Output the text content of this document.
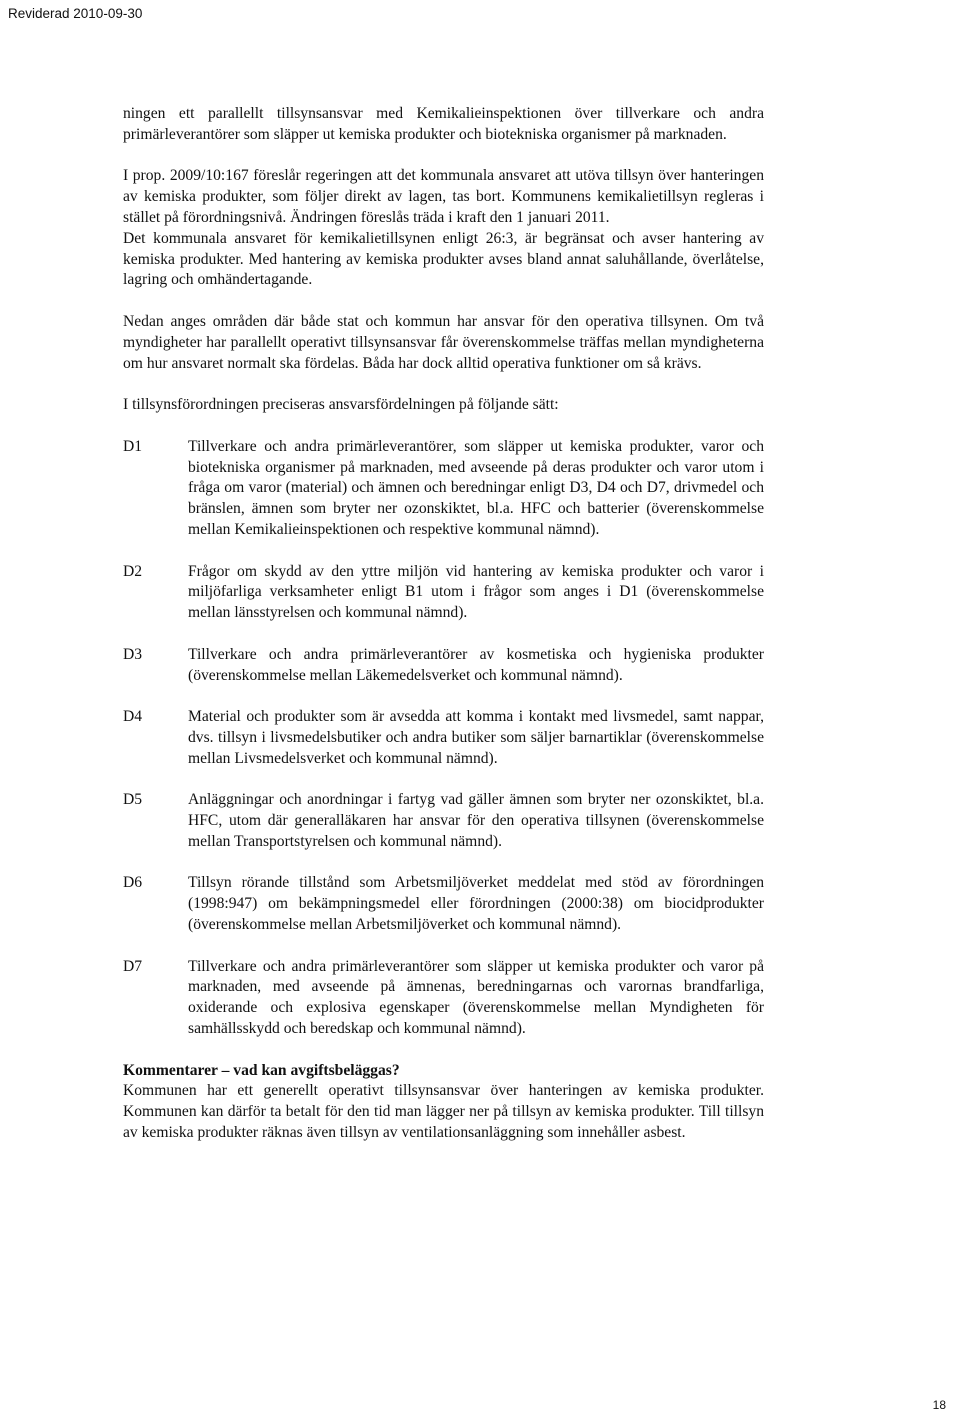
Reviderad 2010-09-30

ningen ett parallellt tillsynsansvar med Kemikalieinspektionen över tillverkare och andra primärleverantörer som släpper ut kemiska produkter och biotekniska organismer på marknaden.

I prop. 2009/10:167 föreslår regeringen att det kommunala ansvaret att utöva tillsyn över hanteringen av kemiska produkter, som följer direkt av lagen, tas bort. Kommunens kemikalietillsyn regleras i stället på förordningsnivå. Ändringen föreslås träda i kraft den 1 januari 2011.

Det kommunala ansvaret för kemikalietillsynen enligt 26:3, är begränsat och avser hantering av kemiska produkter. Med hantering av kemiska produkter avses bland annat saluhållande, överlåtelse, lagring och omhändertagande.

Nedan anges områden där både stat och kommun har ansvar för den operativa tillsynen. Om två myndigheter har parallellt operativt tillsynsansvar får överenskommelse träffas mellan myndigheterna om hur ansvaret normalt ska fördelas. Båda har dock alltid operativa funktioner om så krävs.

I tillsynsförordningen preciseras ansvarsfördelningen på följande sätt:

D1	Tillverkare och andra primärleverantörer, som släpper ut kemiska produkter, varor och biotekniska organismer på marknaden, med avseende på deras produkter och varor utom i fråga om varor (material) och ämnen och beredningar enligt D3, D4 och D7, drivmedel och bränslen, ämnen som bryter ner ozonskiktet, bl.a. HFC och batterier (överenskommelse mellan Kemikalieinspektionen och respektive kommunal nämnd).
D2	Frågor om skydd av den yttre miljön vid hantering av kemiska produkter och varor i miljöfarliga verksamheter enligt B1 utom i frågor som anges i D1 (överenskommelse mellan länsstyrelsen och kommunal nämnd).
D3	Tillverkare och andra primärleverantörer av kosmetiska och hygieniska produkter (överenskommelse mellan Läkemedelsverket och kommunal nämnd).
D4	Material och produkter som är avsedda att komma i kontakt med livsmedel, samt nappar, dvs. tillsyn i livsmedelsbutiker och andra butiker som säljer barnartiklar (överenskommelse mellan Livsmedelsverket och kommunal nämnd).
D5	Anläggningar och anordningar i fartyg vad gäller ämnen som bryter ner ozonskiktet, bl.a. HFC, utom där generalläkaren har ansvar för den operativa tillsynen (överenskommelse mellan Transportstyrelsen och kommunal nämnd).
D6	Tillsyn rörande tillstånd som Arbetsmiljöverket meddelat med stöd av förordningen (1998:947) om bekämpningsmedel eller förordningen (2000:38) om biocidprodukter (överenskommelse mellan Arbetsmiljöverket och kommunal nämnd).
D7	Tillverkare och andra primärleverantörer som släpper ut kemiska produkter och varor på marknaden, med avseende på ämnenas, beredningarnas och varornas brandfarliga, oxiderande och explosiva egenskaper (överenskommelse mellan Myndigheten för samhällsskydd och beredskap och kommunal nämnd).

Kommentarer – vad kan avgiftsbeläggas?

Kommunen har ett generellt operativt tillsynsansvar över hanteringen av kemiska produkter. Kommunen kan därför ta betalt för den tid man lägger ner på tillsyn av kemiska produkter. Till tillsyn av kemiska produkter räknas även tillsyn av ventilationsanläggning som innehåller asbest.

18
